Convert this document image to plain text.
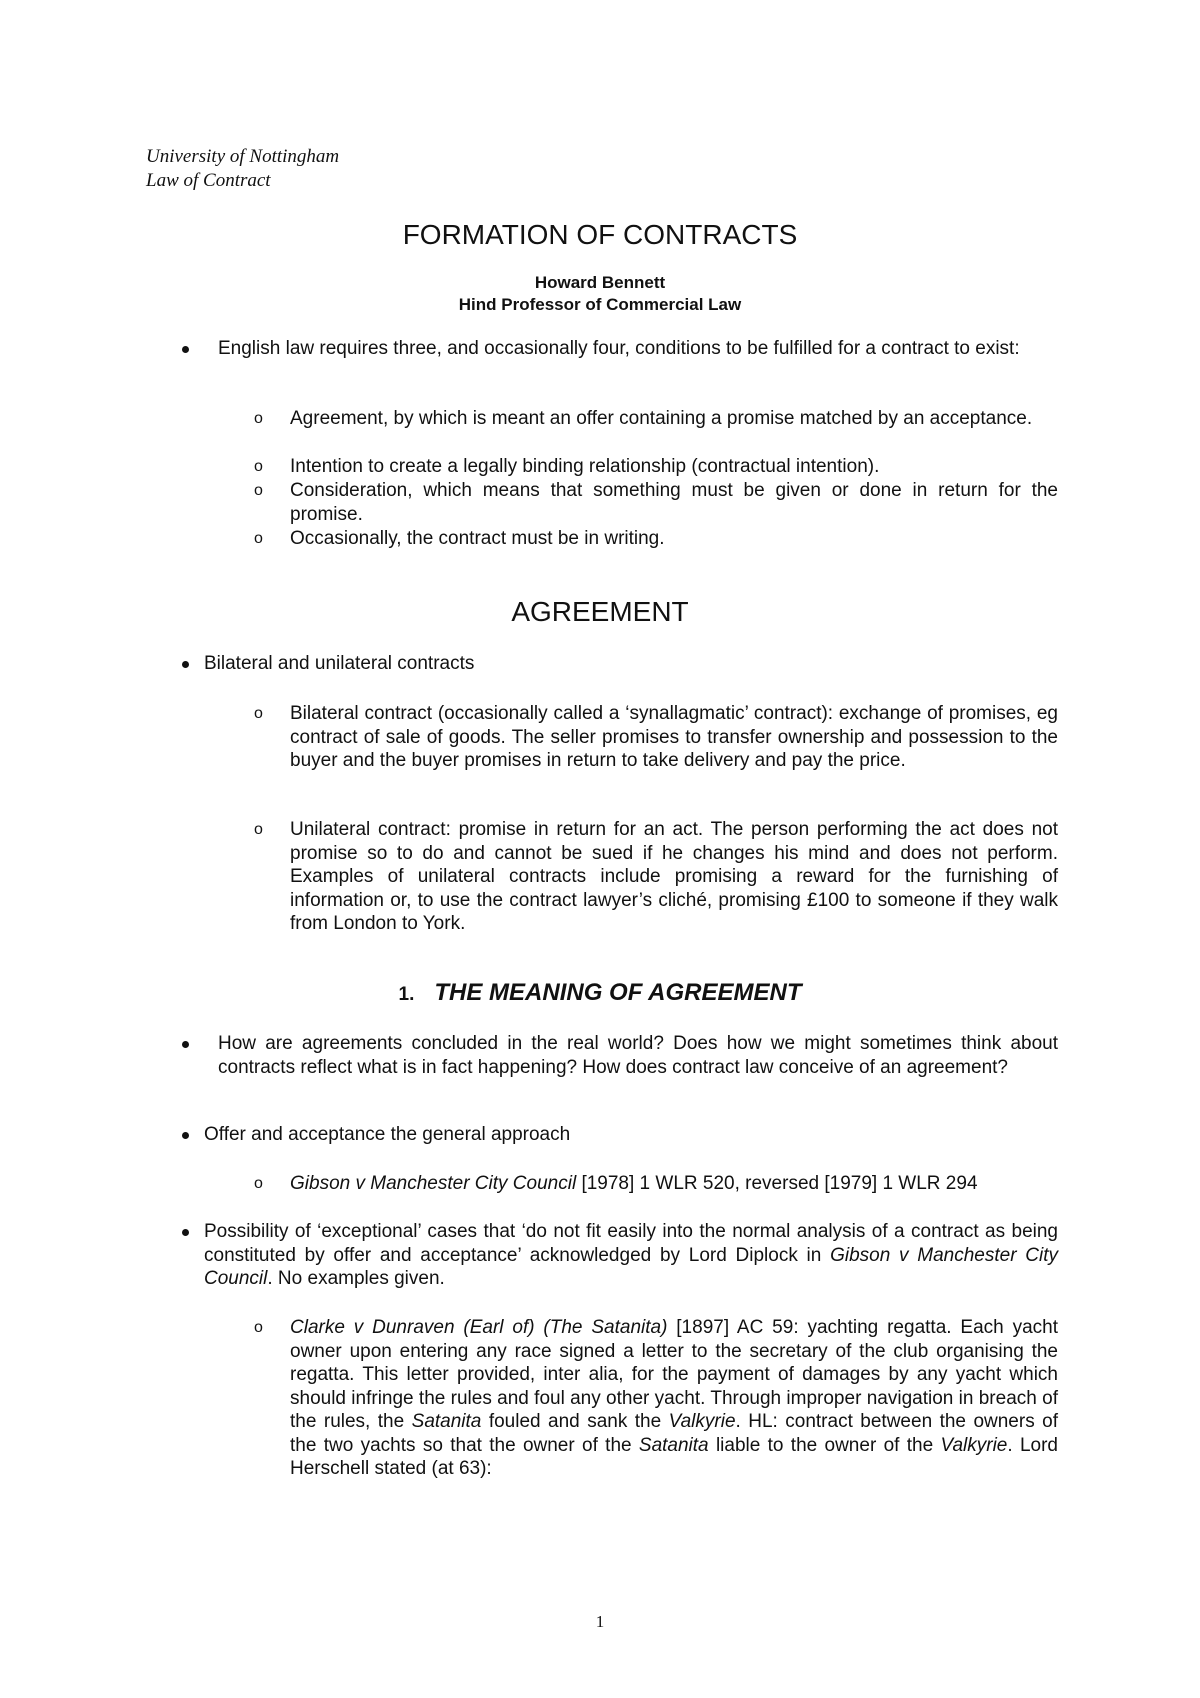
University of Nottingham
Law of Contract
FORMATION OF CONTRACTS
Howard Bennett
Hind Professor of Commercial Law
English law requires three, and occasionally four, conditions to be fulfilled for a contract to exist:
o Agreement, by which is meant an offer containing a promise matched by an acceptance.
o Intention to create a legally binding relationship (contractual intention).
o Consideration, which means that something must be given or done in return for the promise.
o Occasionally, the contract must be in writing.
AGREEMENT
Bilateral and unilateral contracts
o Bilateral contract (occasionally called a ‘synallagmatic’ contract): exchange of promises, eg contract of sale of goods. The seller promises to transfer ownership and possession to the buyer and the buyer promises in return to take delivery and pay the price.
o Unilateral contract: promise in return for an act. The person performing the act does not promise so to do and cannot be sued if he changes his mind and does not perform. Examples of unilateral contracts include promising a reward for the furnishing of information or, to use the contract lawyer’s cliché, promising £100 to someone if they walk from London to York.
1. THE MEANING OF AGREEMENT
How are agreements concluded in the real world? Does how we might sometimes think about contracts reflect what is in fact happening? How does contract law conceive of an agreement?
Offer and acceptance the general approach
o Gibson v Manchester City Council [1978] 1 WLR 520, reversed [1979] 1 WLR 294
Possibility of ‘exceptional’ cases that ‘do not fit easily into the normal analysis of a contract as being constituted by offer and acceptance’ acknowledged by Lord Diplock in Gibson v Manchester City Council. No examples given.
o Clarke v Dunraven (Earl of) (The Satanita) [1897] AC 59: yachting regatta. Each yacht owner upon entering any race signed a letter to the secretary of the club organising the regatta. This letter provided, inter alia, for the payment of damages by any yacht which should infringe the rules and foul any other yacht. Through improper navigation in breach of the rules, the Satanita fouled and sank the Valkyrie. HL: contract between the owners of the two yachts so that the owner of the Satanita liable to the owner of the Valkyrie. Lord Herschell stated (at 63):
1
